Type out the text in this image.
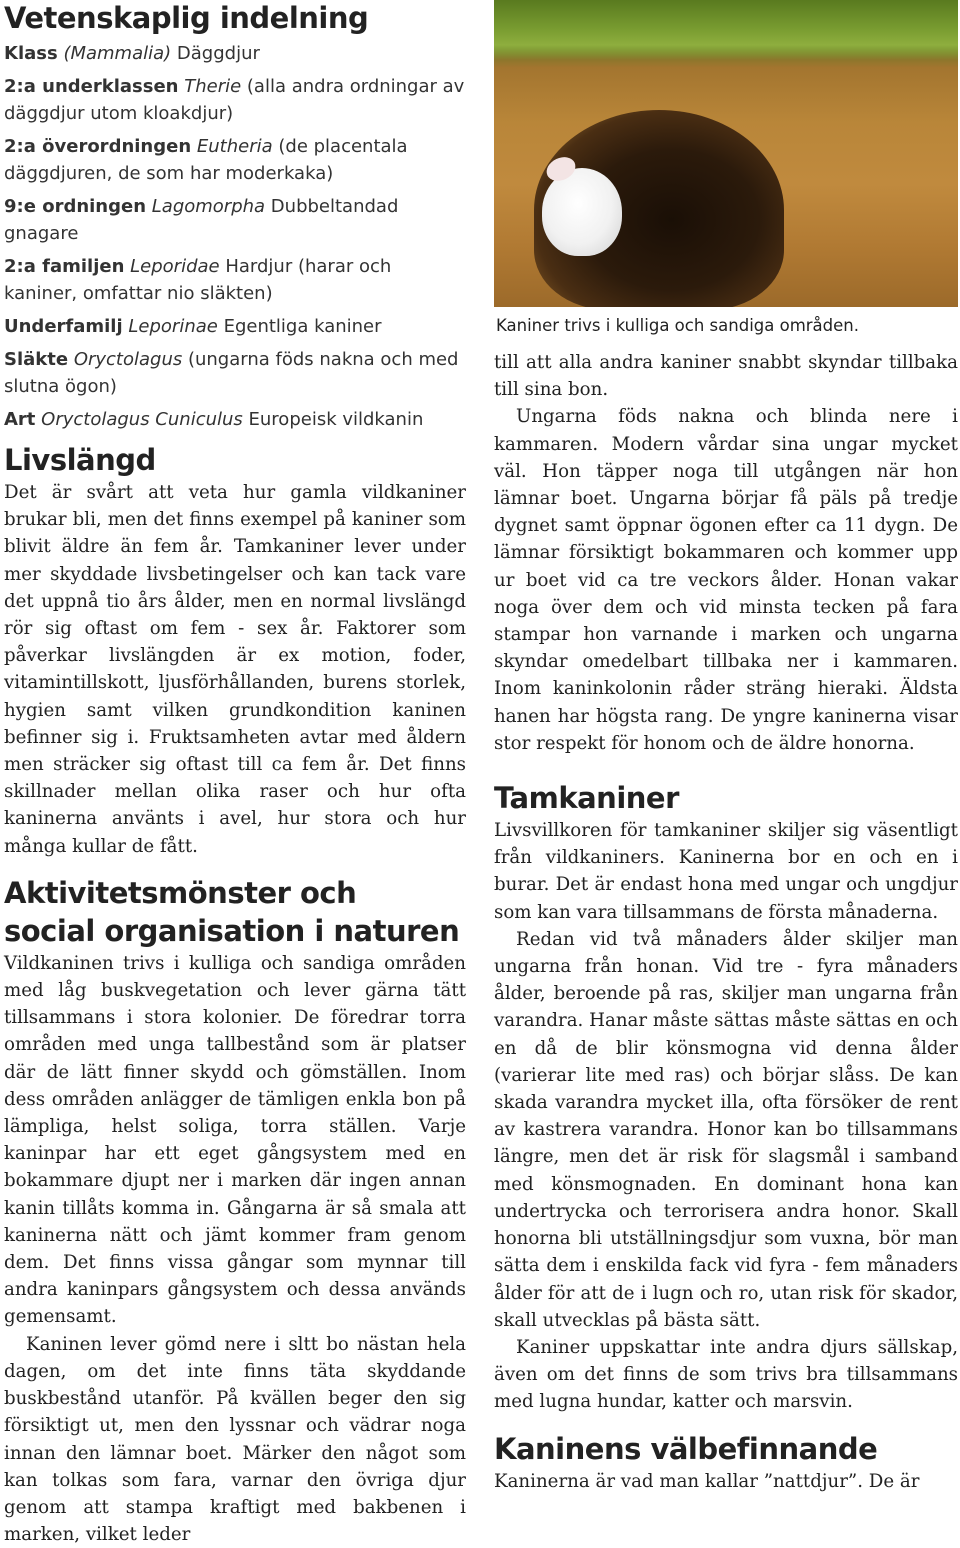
Vetenskaplig indelning

Klass (Mammalia) Däggdjur

2:a underklassen Therie (alla andra ordningar av däggdjur utom kloakdjur)

2:a överordningen Eutheria (de placentala däggdjuren, de som har moderkaka)

9:e ordningen Lagomorpha Dubbeltandad gnagare

2:a familjen Leporidae Hardjur (harar och kaniner, omfattar nio släkten)

Underfamilj Leporinae Egentliga kaniner

Släkte Oryctolagus (ungarna föds nakna och med slutna ögon)

Art Oryctolagus Cuniculus Europeisk vildkanin

Livslängd

Det är svårt att veta hur gamla vildkaniner brukar bli, men det finns exempel på kaniner som blivit äldre än fem år. Tamkaniner lever under mer skyddade livsbetingelser och kan tack vare det uppnå tio års ålder, men en normal livslängd rör sig oftast om fem - sex år. Faktorer som påverkar livslängden är ex motion, foder, vitamintillskott, ljusförhållanden, burens storlek, hygien samt vilken grundkondition kaninen befinner sig i. Fruktsamheten avtar med åldern men sträcker sig oftast till ca fem år. Det finns skillnader mellan olika raser och hur ofta kaninerna använts i avel, hur stora och hur många kullar de fått.

Aktivitetsmönster och
social organisation i naturen

Vildkaninen trivs i kulliga och sandiga områden med låg buskvegetation och lever gärna tätt tillsammans i stora kolonier. De föredrar torra områden med unga tallbestånd som är platser där de lätt finner skydd och gömställen. Inom dess områden anlägger de tämligen enkla bon på lämpliga, helst soliga, torra ställen. Varje kaninpar har ett eget gångsystem med en bokammare djupt ner i marken där ingen annan kanin tillåts komma in. Gångarna är så smala att kaninerna nätt och jämt kommer fram genom dem. Det finns vissa gångar som mynnar till andra kaninpars gångsystem och dessa används gemensamt.

Kaninen lever gömd nere i sltt bo nästan hela dagen, om det inte finns täta skyddande buskbestånd utanför. På kvällen beger den sig försiktigt ut, men den lyssnar och vädrar noga innan den lämnar boet. Märker den något som kan tolkas som fara, varnar den övriga djur genom att stampa kraftigt med bakbenen i marken, vilket leder

Kaniner trivs i kulliga och sandiga områden.

till att alla andra kaniner snabbt skyndar tillbaka till sina bon.

Ungarna föds nakna och blinda nere i kammaren. Modern vårdar sina ungar mycket väl. Hon täpper noga till utgången när hon lämnar boet. Ungarna börjar få päls på tredje dygnet samt öppnar ögonen efter ca 11 dygn. De lämnar försiktigt bokammaren och kommer upp ur boet vid ca tre veckors ålder. Honan vakar noga över dem och vid minsta tecken på fara stampar hon varnande i marken och ungarna skyndar omedelbart tillbaka ner i kammaren. Inom kaninkolonin råder sträng hieraki. Äldsta hanen har högsta rang. De yngre kaninerna visar stor respekt för honom och de äldre honorna.

Tamkaniner

Livsvillkoren för tamkaniner skiljer sig väsentligt från vildkaniners. Kaninerna bor en och en i burar. Det är endast hona med ungar och ungdjur som kan vara tillsammans de första månaderna.

Redan vid två månaders ålder skiljer man ungarna från honan. Vid tre - fyra månaders ålder, beroende på ras, skiljer man ungarna från varandra. Hanar måste sättas måste sättas en och en då de blir könsmogna vid denna ålder (varierar lite med ras) och börjar slåss. De kan skada varandra mycket illa, ofta försöker de rent av kastrera varandra. Honor kan bo tillsammans längre, men det är risk för slagsmål i samband med könsmognaden. En dominant hona kan undertrycka och terrorisera andra honor. Skall honorna bli utställningsdjur som vuxna, bör man sätta dem i enskilda fack vid fyra - fem månaders ålder för att de i lugn och ro, utan risk för skador, skall utvecklas på bästa sätt.

Kaniner uppskattar inte andra djurs sällskap, även om det finns de som trivs bra tillsammans med lugna hundar, katter och marsvin.

Kaninens välbefinnande

Kaninerna är vad man kallar ”nattdjur”. De är
